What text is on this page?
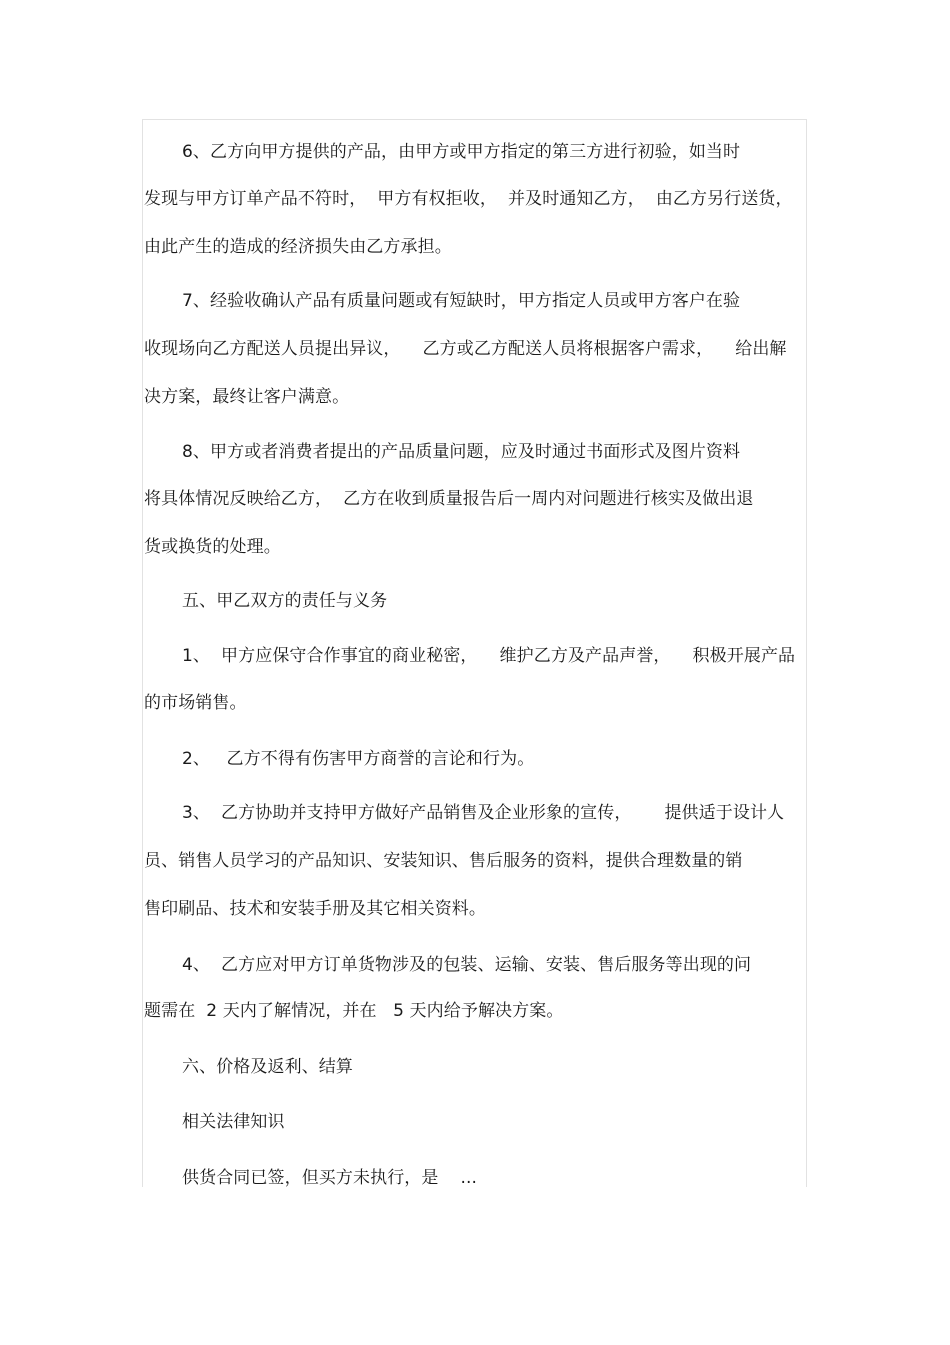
6、乙方向甲方提供的产品，由甲方或甲方指定的第三方进行初验，如当时
发现与甲方订单产品不符时，  甲方有权拒收，  并及时通知乙方，  由乙方另行送货，
由此产生的造成的经济损失由乙方承担。
7、经验收确认产品有质量问题或有短缺时，甲方指定人员或甲方客户在验
收现场向乙方配送人员提出异议，    乙方或乙方配送人员将根据客户需求，    给出解
决方案，最终让客户满意。
8、甲方或者消费者提出的产品质量问题，应及时通过书面形式及图片资料
将具体情况反映给乙方，  乙方在收到质量报告后一周内对问题进行核实及做出退
货或换货的处理。
五、甲乙双方的责任与义务
1、  甲方应保守合作事宜的商业秘密，    维护乙方及产品声誉，    积极开展产品
的市场销售。
2、   乙方不得有伤害甲方商誉的言论和行为。
3、  乙方协助并支持甲方做好产品销售及企业形象的宣传，      提供适于设计人
员、销售人员学习的产品知识、安装知识、售后服务的资料，提供合理数量的销
售印刷品、技术和安装手册及其它相关资料。
4、  乙方应对甲方订单货物涉及的包装、运输、安装、售后服务等出现的问
题需在  2 天内了解情况，并在   5 天内给予解决方案。
六、价格及返利、结算
相关法律知识
供货合同已签，但买方未执行，是    ...
